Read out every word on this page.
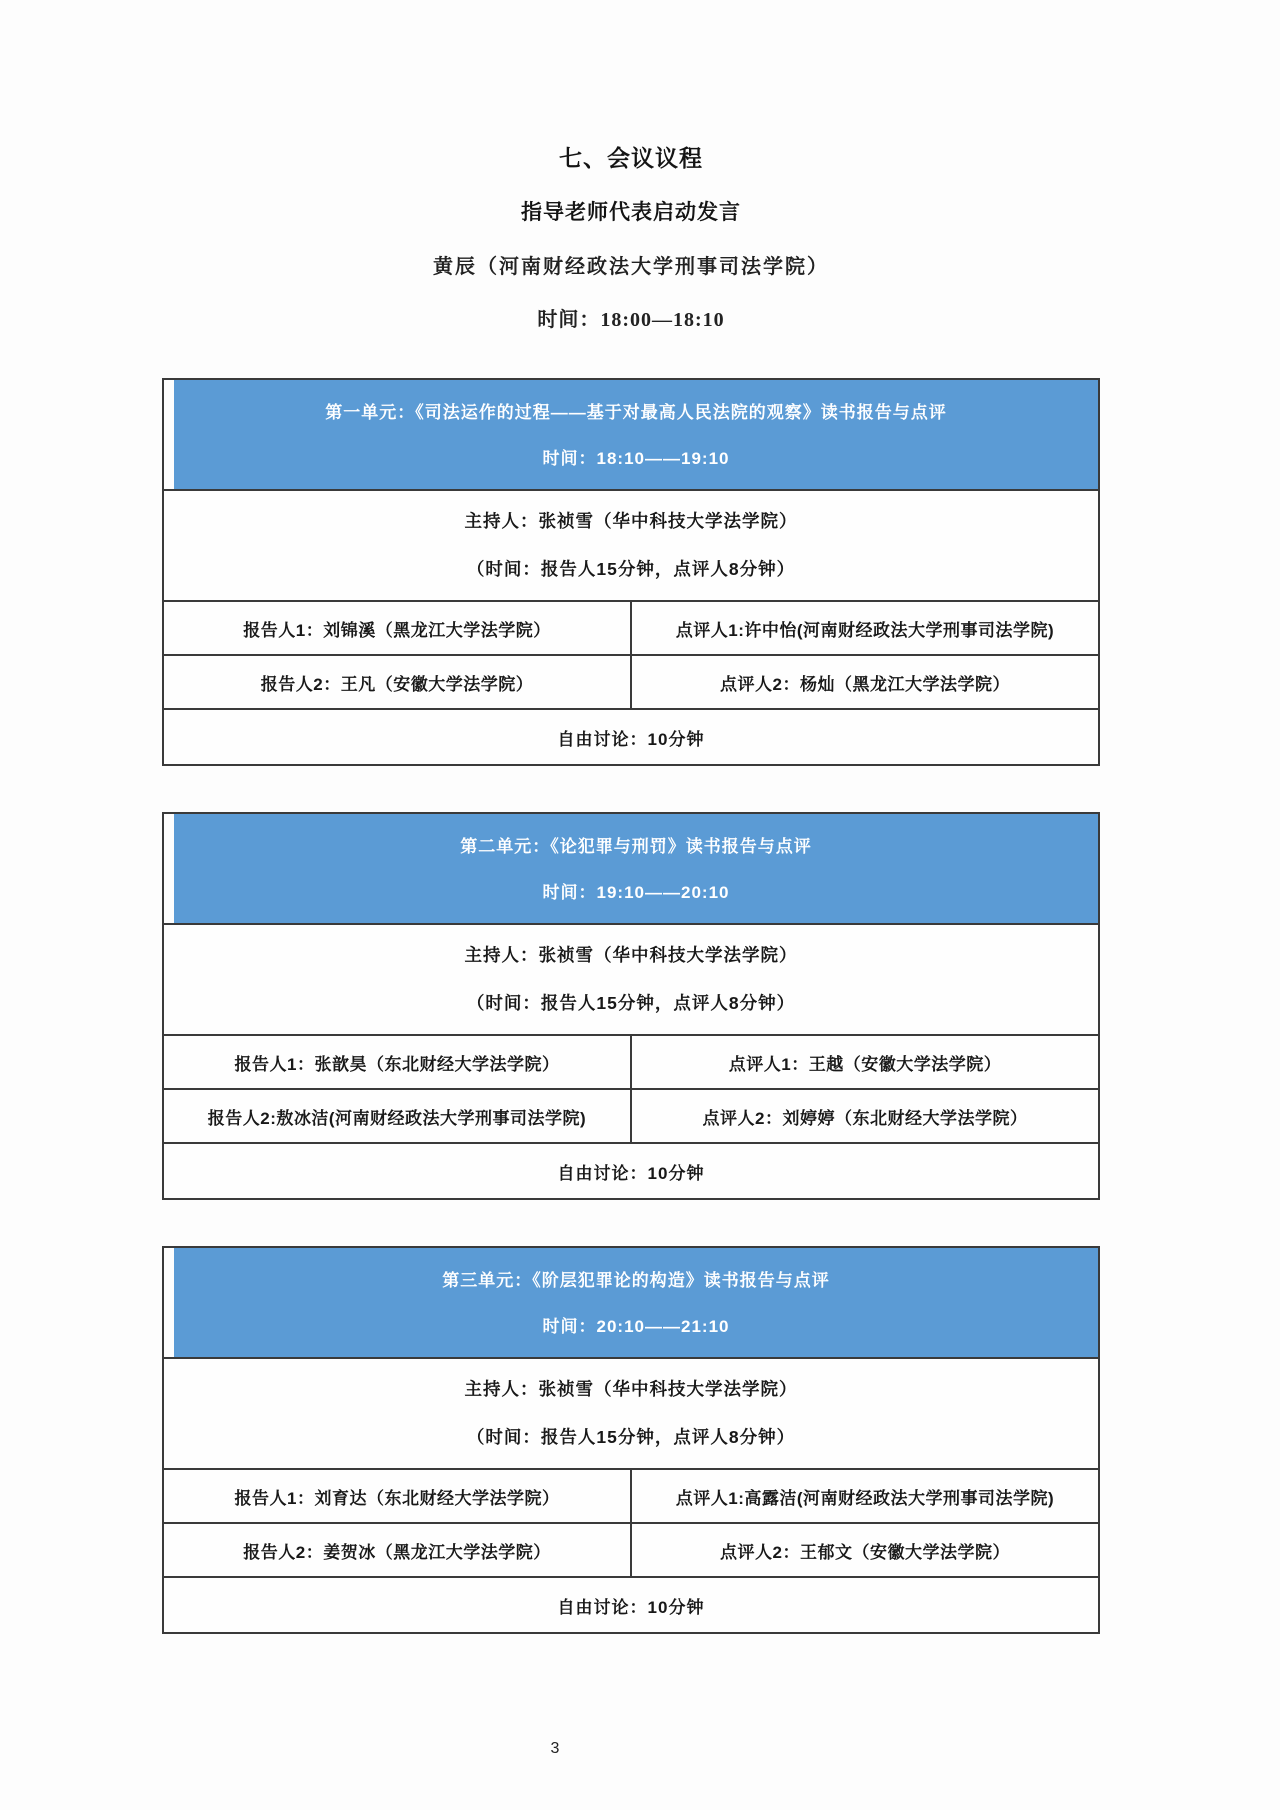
七、会议议程
指导老师代表启动发言
黄辰（河南财经政法大学刑事司法学院）
时间：18:00—18:10
第一单元：《司法运作的过程——基于对最高人民法院的观察》读书报告与点评
时间：18:10——19:10	

主持人：张祯雪（华中科技大学法学院）
（时间：报告人15分钟，点评人8分钟）	

报告人1：刘锦溪（黑龙江大学法学院）	点评人1:许中怡(河南财经政法大学刑事司法学院)
报告人2：王凡（安徽大学法学院）	点评人2：杨灿（黑龙江大学法学院）
自由讨论：10分钟	
第二单元：《论犯罪与刑罚》读书报告与点评
时间：19:10——20:10	

主持人：张祯雪（华中科技大学法学院）
（时间：报告人15分钟，点评人8分钟）	

报告人1：张歆昊（东北财经大学法学院）	点评人1：王越（安徽大学法学院）
报告人2:敖冰洁(河南财经政法大学刑事司法学院)	点评人2：刘婷婷（东北财经大学法学院）
自由讨论：10分钟	
第三单元：《阶层犯罪论的构造》读书报告与点评
时间：20:10——21:10	

主持人：张祯雪（华中科技大学法学院）
（时间：报告人15分钟，点评人8分钟）	

报告人1：刘育达（东北财经大学法学院）	点评人1:高露洁(河南财经政法大学刑事司法学院)
报告人2：姜贺冰（黑龙江大学法学院）	点评人2：王郁文（安徽大学法学院）
自由讨论：10分钟	
3
